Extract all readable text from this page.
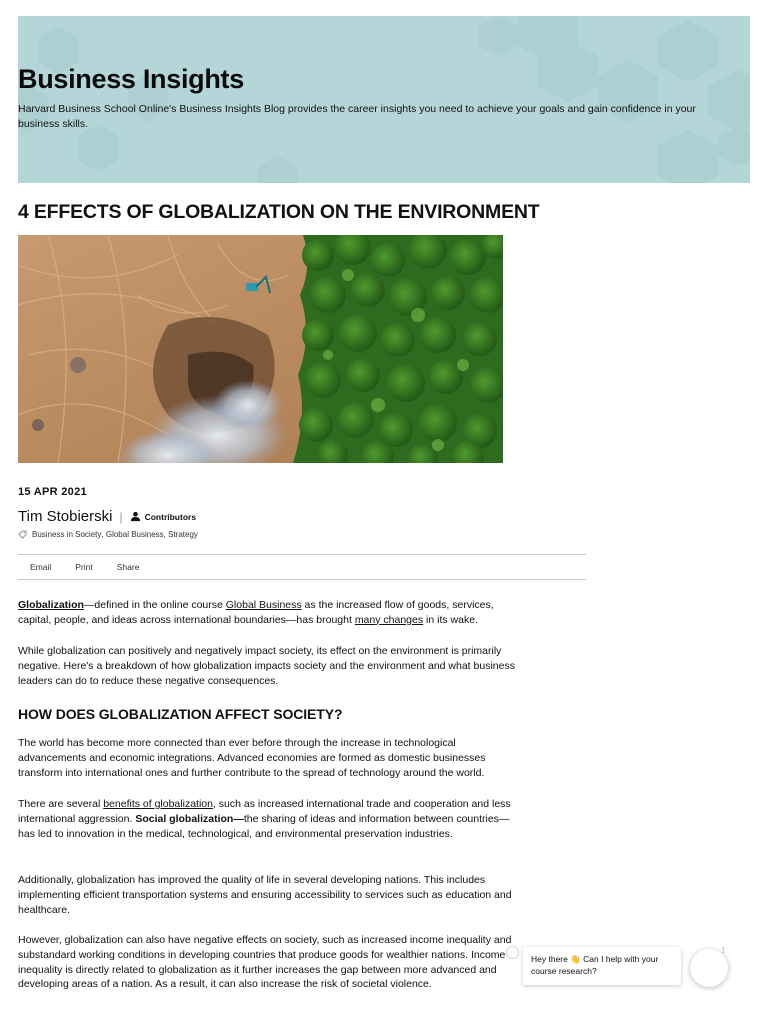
Business Insights

Harvard Business School Online's Business Insights Blog provides the career insights you need to achieve your goals and gain confidence in your business skills.

4 EFFECTS OF GLOBALIZATION ON THE ENVIRONMENT
15 APR 2021
Tim Stobierski |	Contributors
Business in Society ,
Global Business ,
Strategy
Email	Print	Share

Globalization—defined in the online course Global Business as the increased flow of goods, services, capital, people, and ideas across international boundaries—has brought many changes in its wake.

While globalization can positively and negatively impact society, its effect on the environment is primarily negative. Here's a breakdown of how globalization impacts society and the environment and what business leaders can do to reduce these negative consequences.

HOW DOES GLOBALIZATION AFFECT SOCIETY?

The world has become more connected than ever before through the increase in technological advancements and economic integrations. Advanced economies are formed as domestic businesses transform into international ones and further contribute to the spread of technology around the world.

There are several benefits of globalization, such as increased international trade and cooperation and less international aggression. Social globalization—the sharing of ideas and information between countries—has led to innovation in the medical, technological, and environmental preservation industries.

Additionally, globalization has improved the quality of life in several developing nations. This includes implementing efficient transportation systems and ensuring accessibility to services such as education and healthcare.

However, globalization can also have negative effects on society, such as increased income inequality and substandard working conditions in developing countries that produce goods for wealthier nations. Income inequality is directly related to globalization as it further increases the gap between more advanced and developing areas of a nation. As a result, it can also increase the risk of societal violence.

Hey there 👋 Can I help with your course research?
1
